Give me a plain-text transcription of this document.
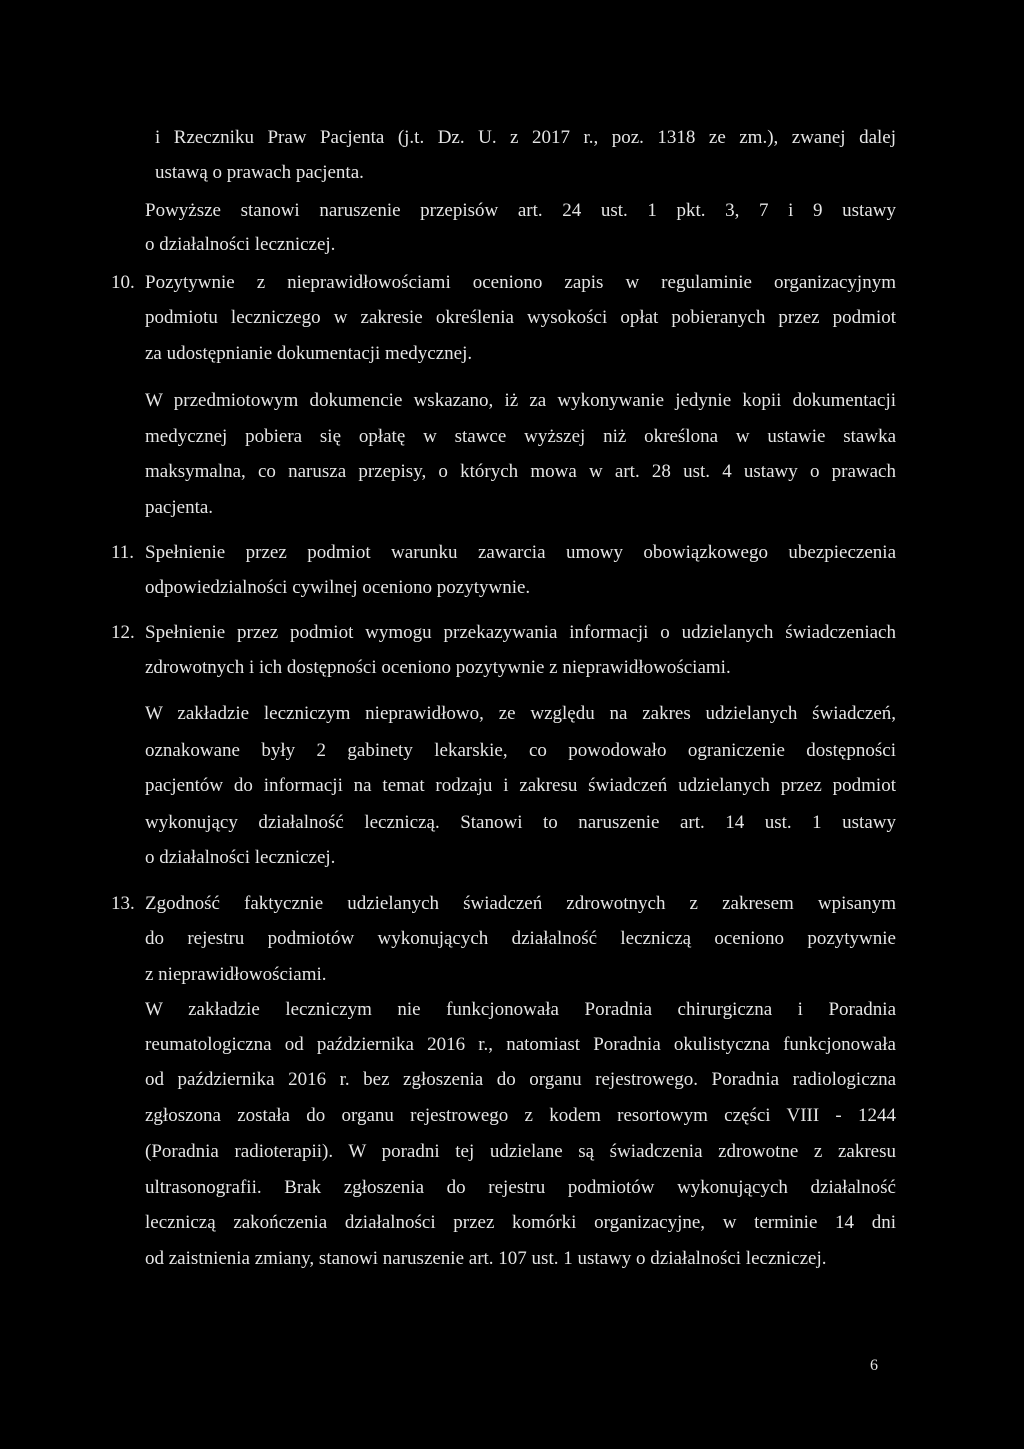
i Rzeczniku Praw Pacjenta (j.t. Dz. U. z 2017 r., poz. 1318 ze zm.), zwanej dalej
ustawą o prawach pacjenta.
Powyższe stanowi naruszenie przepisów art. 24 ust. 1 pkt. 3, 7 i 9 ustawy
o działalności leczniczej.
10. Pozytywnie z nieprawidłowościami oceniono zapis w regulaminie organizacyjnym
podmiotu leczniczego w zakresie określenia wysokości opłat pobieranych przez podmiot
za udostępnianie dokumentacji medycznej.
W przedmiotowym dokumencie wskazano, iż za wykonywanie jedynie kopii dokumentacji
medycznej pobiera się opłatę w stawce wyższej niż określona w ustawie stawka
maksymalna, co narusza przepisy, o których mowa w art. 28 ust. 4 ustawy o prawach
pacjenta.
11. Spełnienie przez podmiot warunku zawarcia umowy obowiązkowego ubezpieczenia
odpowiedzialności cywilnej oceniono pozytywnie.
12. Spełnienie przez podmiot wymogu przekazywania informacji o udzielanych świadczeniach
zdrowotnych i ich dostępności oceniono pozytywnie z nieprawidłowościami.
W zakładzie leczniczym nieprawidłowo, ze względu na zakres udzielanych świadczeń,
oznakowane były 2 gabinety lekarskie, co powodowało ograniczenie dostępności
pacjentów do informacji na temat rodzaju i zakresu świadczeń udzielanych przez podmiot
wykonujący działalność leczniczą. Stanowi to naruszenie art. 14 ust. 1 ustawy
o działalności leczniczej.
13. Zgodność faktycznie udzielanych świadczeń zdrowotnych z zakresem wpisanym
do rejestru podmiotów wykonujących działalność leczniczą oceniono pozytywnie
z nieprawidłowościami.
W zakładzie leczniczym nie funkcjonowała Poradnia chirurgiczna i Poradnia
reumatologiczna od października 2016 r., natomiast Poradnia okulistyczna funkcjonowała
od października 2016 r. bez zgłoszenia do organu rejestrowego. Poradnia radiologiczna
zgłoszona została do organu rejestrowego z kodem resortowym części VIII - 1244
(Poradnia radioterapii). W poradni tej udzielane są świadczenia zdrowotne z zakresu
ultrasonografii. Brak zgłoszenia do rejestru podmiotów wykonujących działalność
leczniczą zakończenia działalności przez komórki organizacyjne, w terminie 14 dni
od zaistnienia zmiany, stanowi naruszenie art. 107 ust. 1 ustawy o działalności leczniczej.
6
